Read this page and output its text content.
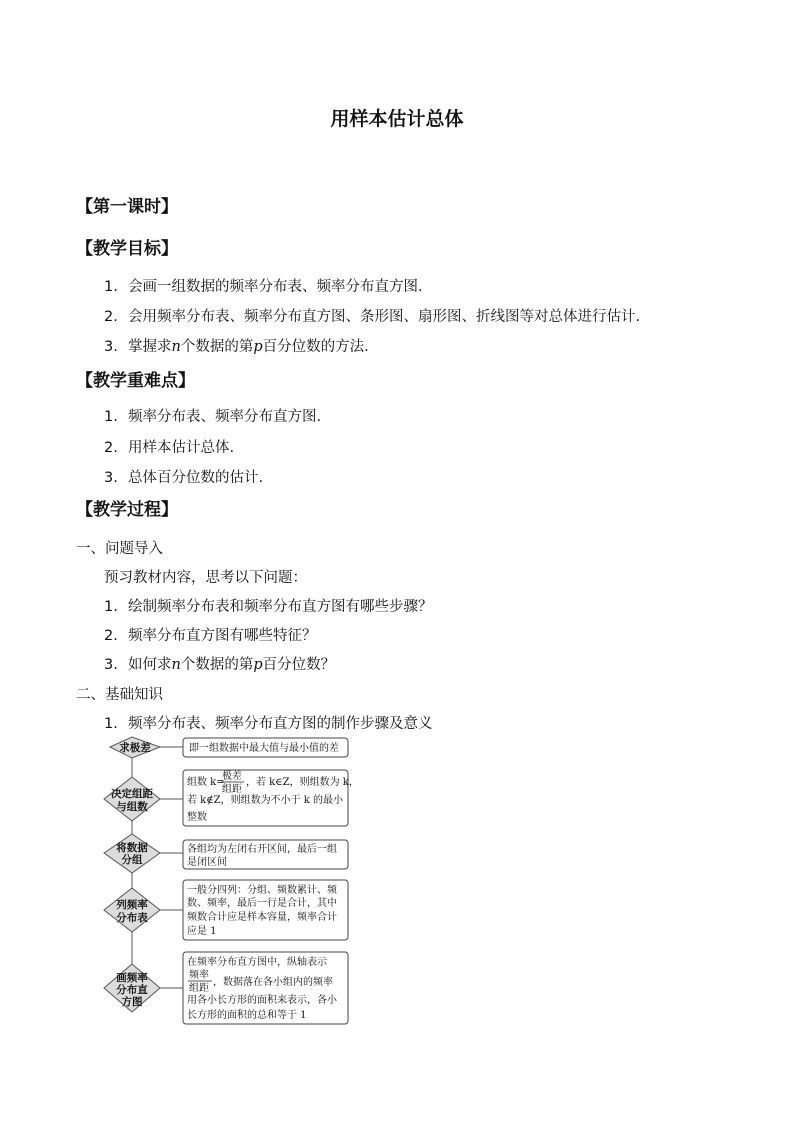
用样本估计总体
【第一课时】
【教学目标】
1. 会画一组数据的频率分布表、频率分布直方图.
2. 会用频率分布表、频率分布直方图、条形图、扇形图、折线图等对总体进行估计.
3. 掌握求n个数据的第p百分位数的方法.
【教学重难点】
1. 频率分布表、频率分布直方图.
2. 用样本估计总体.
3. 总体百分位数的估计.
【教学过程】
一、问题导入
预习教材内容，思考以下问题：
1. 绘制频率分布表和频率分布直方图有哪些步骤？
2. 频率分布直方图有哪些特征？
3. 如何求n个数据的第p百分位数？
二、基础知识
1. 频率分布表、频率分布直方图的制作步骤及意义
求极差	即一组数据中最大值与最小值的差
决定组距
与组数
组数 k=
极差
组距
，若 k∈Z，则组数为 k，
若 k∉Z，则组数为不小于 k 的最小
整数
将数据
分组
各组均为左闭右开区间，最后一组
是闭区间
列频率
分布表
一般分四列：分组、频数累计、频
数、频率，最后一行是合计，其中
频数合计应是样本容量，频率合计
应是 1
画频率
分布直
方图
在频率分布直方图中，纵轴表示
频率
组距
，数据落在各小组内的频率
用各小长方形的面积来表示，各小
长方形的面积的总和等于 1
